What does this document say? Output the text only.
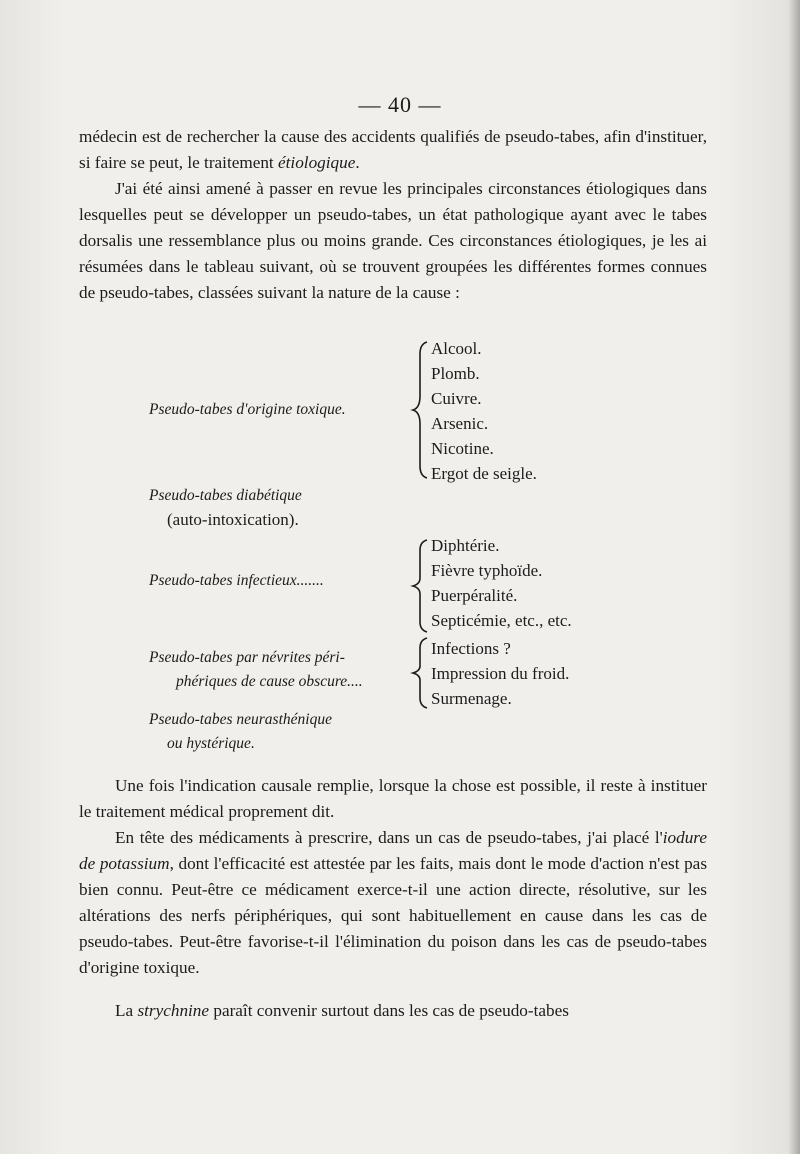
— 40 —
médecin est de rechercher la cause des accidents qualifiés de pseudo-tabes, afin d'instituer, si faire se peut, le traitement étiologique.
J'ai été ainsi amené à passer en revue les principales circonstances étiologiques dans lesquelles peut se développer un pseudo-tabes, un état pathologique ayant avec le tabes dorsalis une ressemblance plus ou moins grande. Ces circonstances étiologiques, je les ai résumées dans le tableau suivant, où se trouvent groupées les différentes formes connues de pseudo-tabes, classées suivant la nature de la cause :
Pseudo-tabes d'origine toxique.
Alcool.
Plomb.
Cuivre.
Arsenic.
Nicotine.
Ergot de seigle.
Pseudo-tabes diabétique
(auto-intoxication).
Pseudo-tabes infectieux.......
Diphtérie.
Fièvre typhoïde.
Puerpéralité.
Septicémie, etc., etc.
Pseudo-tabes par névrites péri-
phériques de cause obscure....
Infections ?
Impression du froid.
Surmenage.
Pseudo-tabes neurasthénique
ou hystérique.
Une fois l'indication causale remplie, lorsque la chose est possible, il reste à instituer le traitement médical proprement dit.
En tête des médicaments à prescrire, dans un cas de pseudo-tabes, j'ai placé l'iodure de potassium, dont l'efficacité est attestée par les faits, mais dont le mode d'action n'est pas bien connu. Peut-être ce médicament exerce-t-il une action directe, résolutive, sur les altérations des nerfs périphériques, qui sont habituellement en cause dans les cas de pseudo-tabes. Peut-être favorise-t-il l'élimination du poison dans les cas de pseudo-tabes d'origine toxique.
La strychnine paraît convenir surtout dans les cas de pseudo-tabes
